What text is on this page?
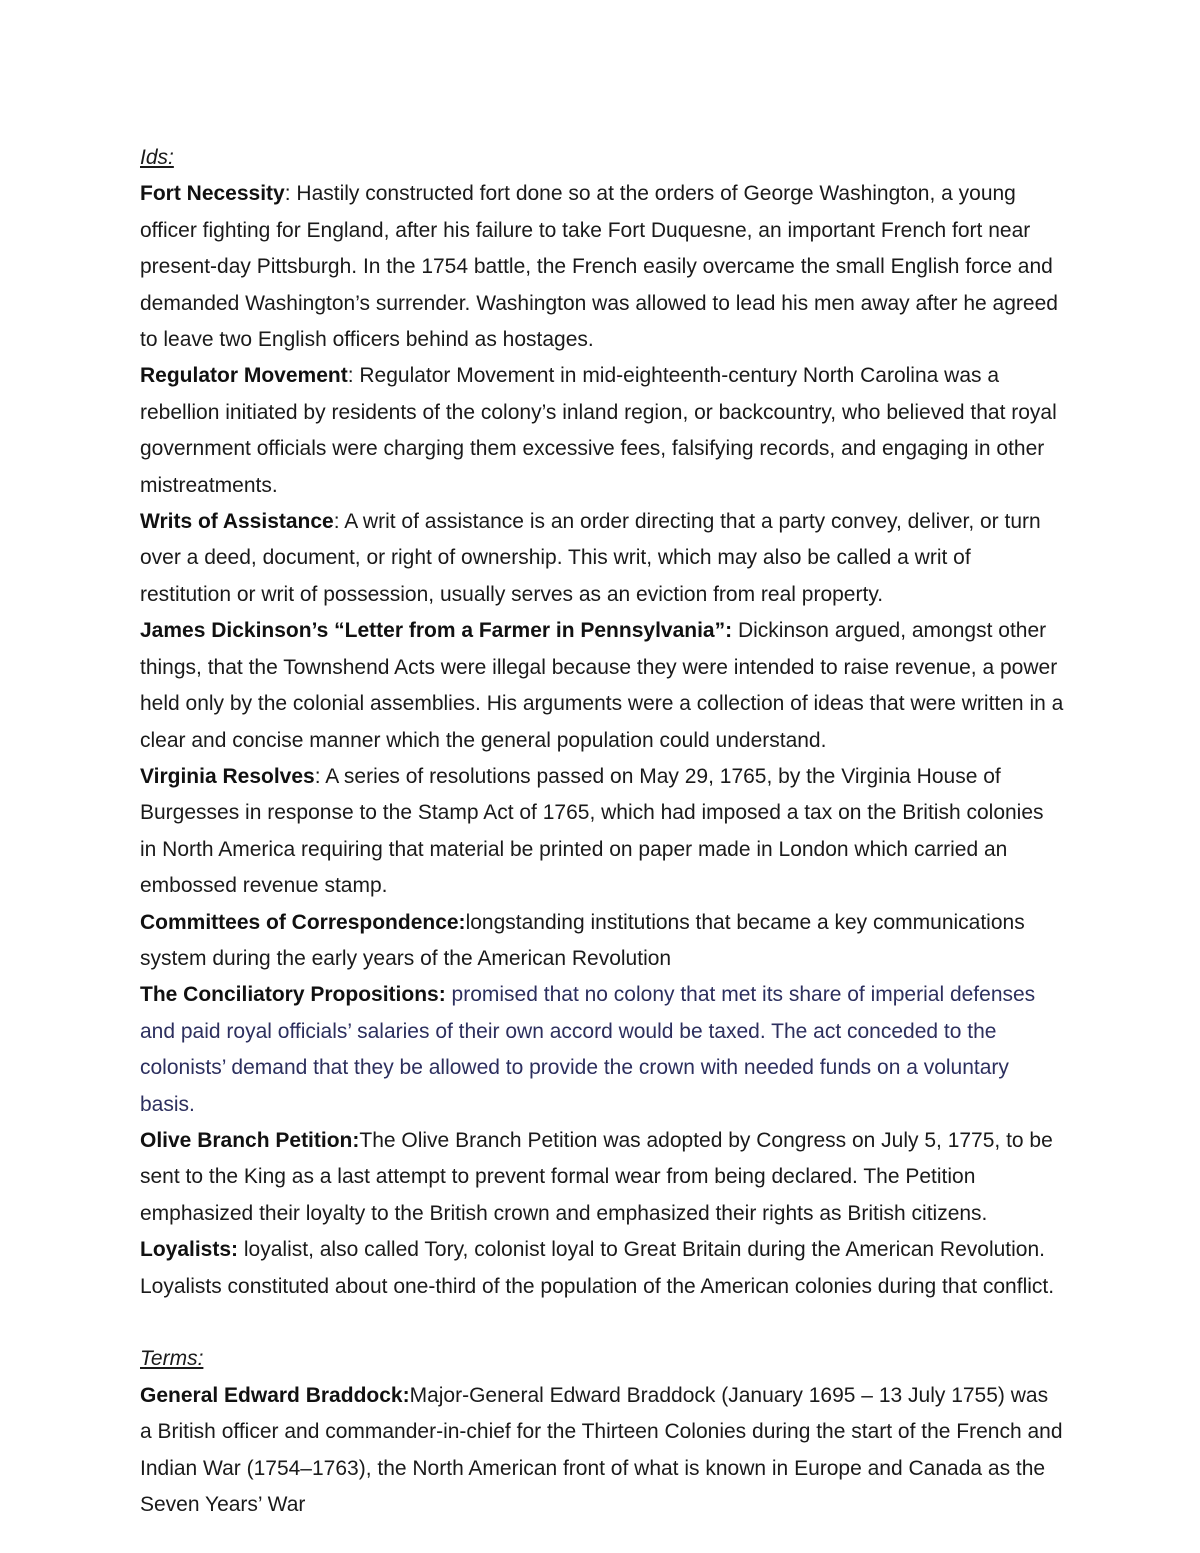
Ids:

Fort Necessity: Hastily constructed fort done so at the orders of George Washington, a young officer fighting for England, after his failure to take Fort Duquesne, an important French fort near present-day Pittsburgh. In the 1754 battle, the French easily overcame the small English force and demanded Washington’s surrender. Washington was allowed to lead his men away after he agreed to leave two English officers behind as hostages.

Regulator Movement: Regulator Movement in mid-eighteenth-century North Carolina was a rebellion initiated by residents of the colony’s inland region, or backcountry, who believed that royal government officials were charging them excessive fees, falsifying records, and engaging in other mistreatments.

Writs of Assistance: A writ of assistance is an order directing that a party convey, deliver, or turn over a deed, document, or right of ownership. This writ, which may also be called a writ of restitution or writ of possession, usually serves as an eviction from real property.

James Dickinson’s “Letter from a Farmer in Pennsylvania”: Dickinson argued, amongst other things, that the Townshend Acts were illegal because they were intended to raise revenue, a power held only by the colonial assemblies. His arguments were a collection of ideas that were written in a clear and concise manner which the general population could understand.

Virginia Resolves: A series of resolutions passed on May 29, 1765, by the Virginia House of Burgesses in response to the Stamp Act of 1765, which had imposed a tax on the British colonies in North America requiring that material be printed on paper made in London which carried an embossed revenue stamp.

Committees of Correspondence:longstanding institutions that became a key communications system during the early years of the American Revolution

The Conciliatory Propositions: promised that no colony that met its share of imperial defenses and paid royal officials’ salaries of their own accord would be taxed. The act conceded to the colonists’ demand that they be allowed to provide the crown with needed funds on a voluntary basis.

Olive Branch Petition:The Olive Branch Petition was adopted by Congress on July 5, 1775, to be sent to the King as a last attempt to prevent formal wear from being declared. The Petition emphasized their loyalty to the British crown and emphasized their rights as British citizens.

Loyalists: loyalist, also called Tory, colonist loyal to Great Britain during the American Revolution. Loyalists constituted about one-third of the population of the American colonies during that conflict.

Terms:

General Edward Braddock:Major-General Edward Braddock (January 1695 – 13 July 1755) was a British officer and commander-in-chief for the Thirteen Colonies during the start of the French and Indian War (1754–1763), the North American front of what is known in Europe and Canada as the Seven Years’ War
